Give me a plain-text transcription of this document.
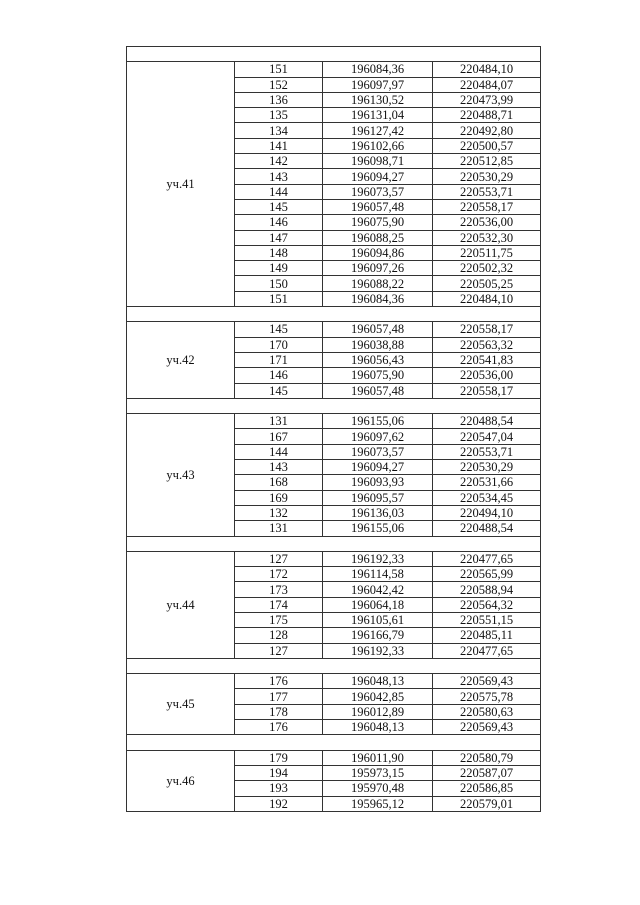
уч.41	151	196084,36	220484,10
	152	196097,97	220484,07
	136	196130,52	220473,99
	135	196131,04	220488,71
	134	196127,42	220492,80
	141	196102,66	220500,57
	142	196098,71	220512,85
	143	196094,27	220530,29
	144	196073,57	220553,71
	145	196057,48	220558,17
	146	196075,90	220536,00
	147	196088,25	220532,30
	148	196094,86	220511,75
	149	196097,26	220502,32
	150	196088,22	220505,25
	151	196084,36	220484,10

уч.42	145	196057,48	220558,17
	170	196038,88	220563,32
	171	196056,43	220541,83
	146	196075,90	220536,00
	145	196057,48	220558,17

уч.43	131	196155,06	220488,54
	167	196097,62	220547,04
	144	196073,57	220553,71
	143	196094,27	220530,29
	168	196093,93	220531,66
	169	196095,57	220534,45
	132	196136,03	220494,10
	131	196155,06	220488,54

уч.44	127	196192,33	220477,65
	172	196114,58	220565,99
	173	196042,42	220588,94
	174	196064,18	220564,32
	175	196105,61	220551,15
	128	196166,79	220485,11
	127	196192,33	220477,65

уч.45	176	196048,13	220569,43
	177	196042,85	220575,78
	178	196012,89	220580,63
	176	196048,13	220569,43

уч.46	179	196011,90	220580,79
	194	195973,15	220587,07
	193	195970,48	220586,85
	192	195965,12	220579,01
